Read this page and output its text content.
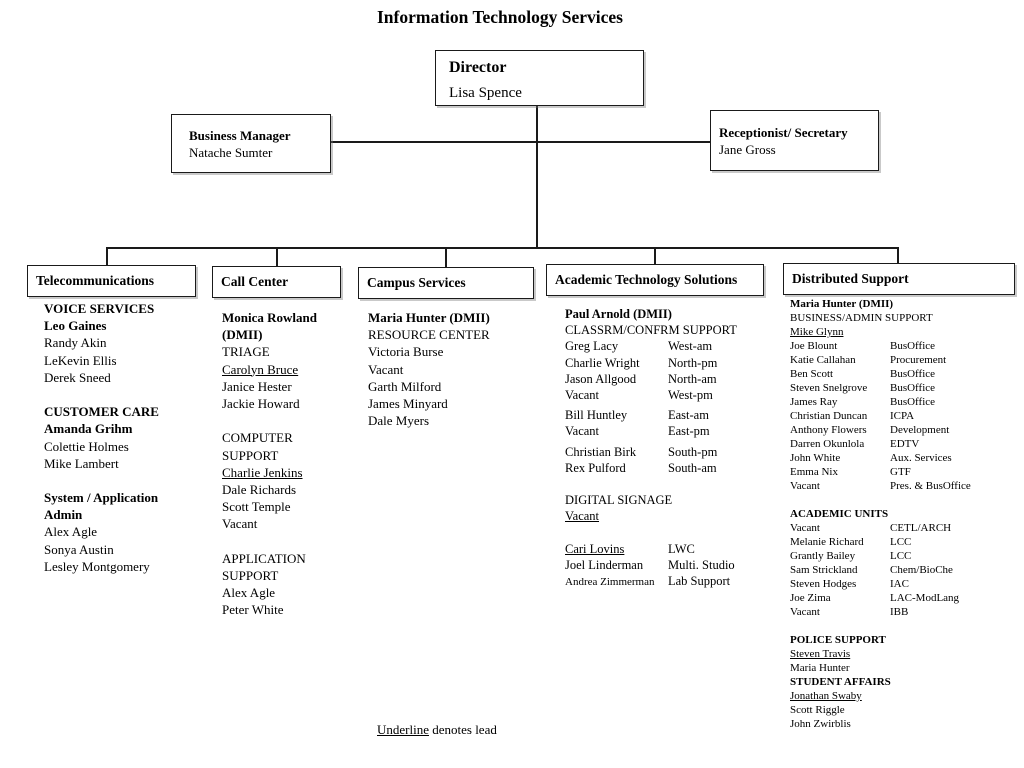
Information Technology Services
Director
Lisa Spence
Business Manager
Natache Sumter
Receptionist/ Secretary
Jane Gross
Telecommunications	Call Center	Campus Services	Academic Technology Solutions	Distributed Support
VOICE SERVICES
Leo Gaines
Randy Akin
LeKevin Ellis
Derek Sneed
CUSTOMER CARE
Amanda Grihm
Colettie Holmes
Mike Lambert
System / Application
Admin
Alex Agle
Sonya Austin
Lesley Montgomery
Monica Rowland
(DMII)
TRIAGE
Carolyn Bruce
Janice Hester
Jackie Howard
COMPUTER
SUPPORT
Charlie Jenkins
Dale Richards
Scott Temple
Vacant
APPLICATION
SUPPORT
Alex Agle
Peter White
Maria Hunter (DMII)
RESOURCE CENTER
Victoria Burse
Vacant
Garth Milford
James Minyard
Dale Myers
Paul Arnold (DMII)
CLASSRM/CONFRM SUPPORT
Greg Lacy	West-am
Charlie Wright	North-pm
Jason Allgood	North-am
Vacant	West-pm
Bill Huntley	East-am
Vacant	East-pm
Christian Birk	South-pm
Rex Pulford	South-am
DIGITAL SIGNAGE
Vacant
Cari Lovins	LWC
Joel Linderman	Multi. Studio
Andrea Zimmerman	Lab Support
Maria Hunter (DMII)
BUSINESS/ADMIN SUPPORT
Mike Glynn
Joe Blount	BusOffice
Katie Callahan	Procurement
Ben Scott	BusOffice
Steven Snelgrove	BusOffice
James Ray	BusOffice
Christian Duncan	ICPA
Anthony Flowers	Development
Darren Okunlola	EDTV
John White	Aux. Services
Emma Nix	GTF
Vacant	Pres. & BusOffice
ACADEMIC UNITS
Vacant	CETL/ARCH
Melanie Richard	LCC
Grantly Bailey	LCC
Sam Strickland	Chem/BioChe
Steven Hodges	IAC
Joe Zima	LAC-ModLang
Vacant	IBB
POLICE SUPPORT
Steven Travis
Maria Hunter
STUDENT AFFAIRS
Jonathan Swaby
Scott Riggle
John Zwirblis
Underline denotes lead
